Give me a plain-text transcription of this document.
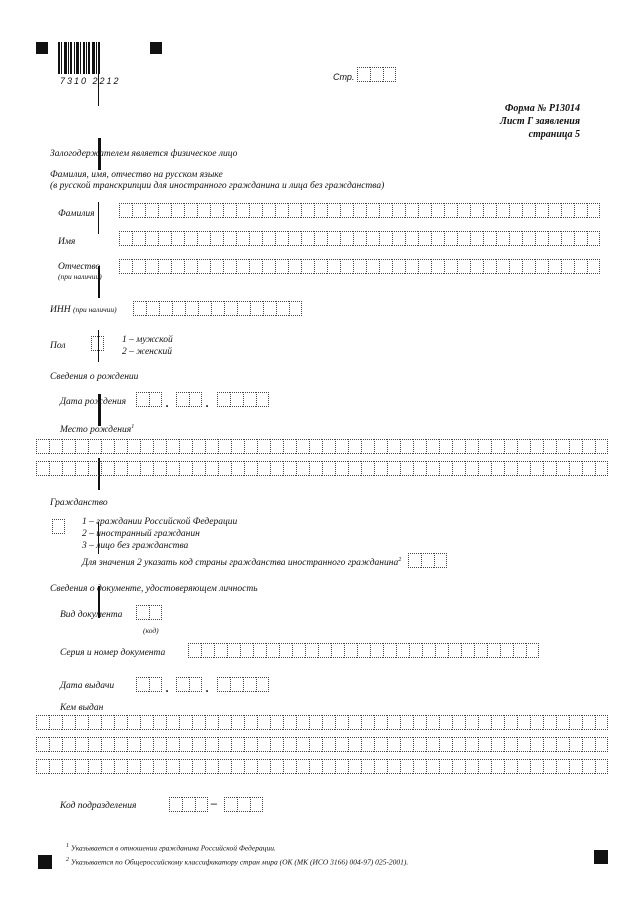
7310 2212	Стр.
Форма № Р13014
Лист Г заявления
страница 5
Залогодержателем является физическое лицо
Фамилия, имя, отчество на русском языке
(в русской транскрипции для иностранного гражданина и лица без гражданства)
Фамилия
Имя
Отчество
(при наличии)
ИНН (при наличии)
Пол
1 – мужской
2 – женский
Сведения о рождении
Дата рождения	.	.
Место рождения$^1$
Гражданство
1 – граждании Российской Федерации
2 – иностранный гражданин
3 – лицо без гражданства
Для значения 2 указать код страны гражданства иностранного гражданина$^2$
Сведения о документе, удостоверяющем личность
Вид документа
(код)
Серия и номер документа
Дата выдачи	.	.
Кем выдан
Код подразделения	–
$^1$ Указывается в отношении гражданина Российской Федерации.
$^2$ Указывается по Общероссийскому классификатору стран мира (ОК (МК (ИСО 3166) 004-97) 025-2001).
